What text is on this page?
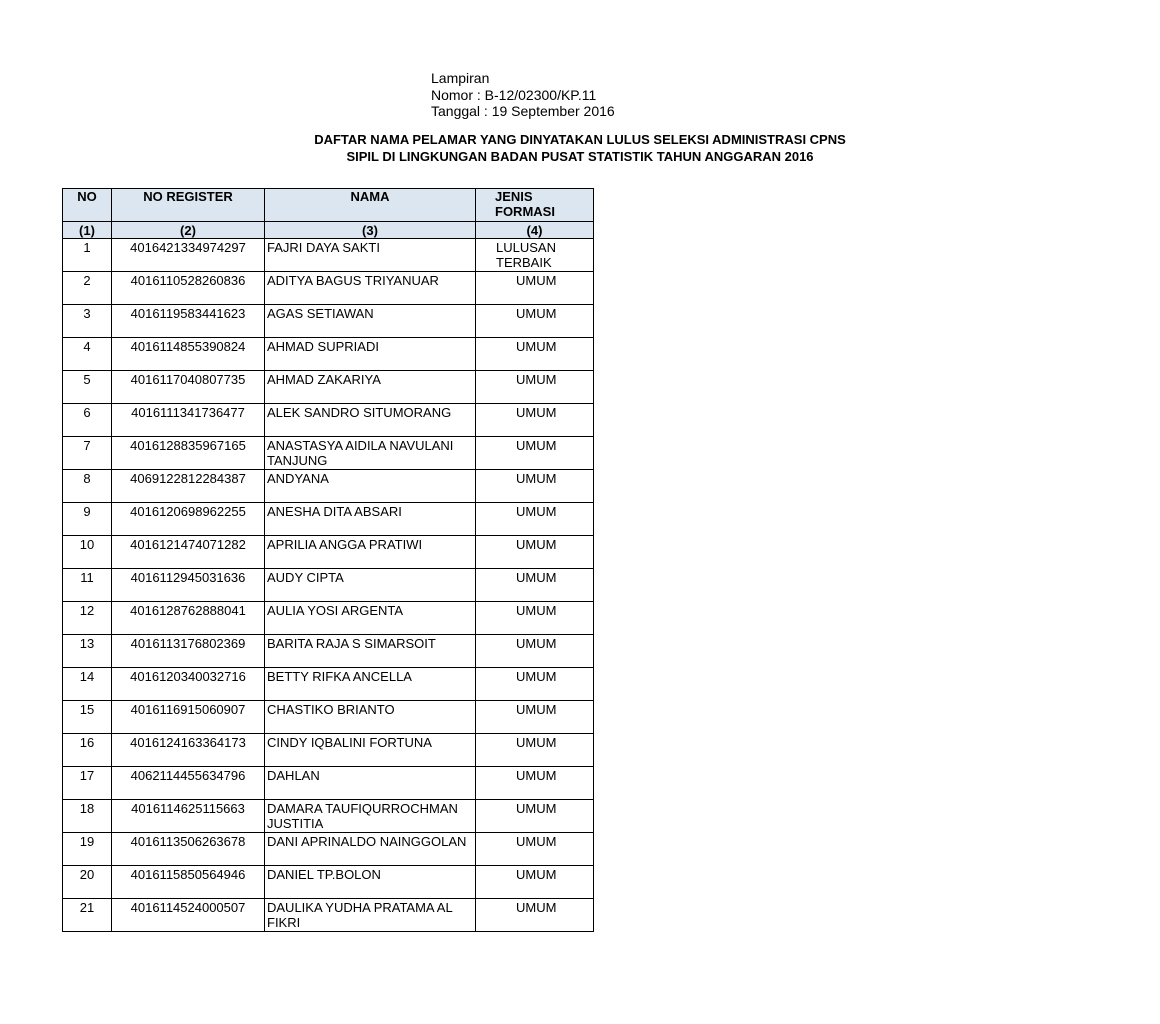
Lampiran
Nomor : B-12/02300/KP.11
Tanggal : 19 September 2016
DAFTAR NAMA PELAMAR YANG DINYATAKAN LULUS SELEKSI ADMINISTRASI CPNS
SIPIL DI LINGKUNGAN BADAN PUSAT STATISTIK TAHUN ANGGARAN 2016
NO	NO REGISTER	NAMA	JENIS FORMASI
(1)	(2)	(3)	(4)
1	4016421334974297	FAJRI DAYA SAKTI	LULUSAN TERBAIK
2	4016110528260836	ADITYA BAGUS TRIYANUAR	UMUM
3	4016119583441623	AGAS SETIAWAN	UMUM
4	4016114855390824	AHMAD SUPRIADI	UMUM
5	4016117040807735	AHMAD ZAKARIYA	UMUM
6	4016111341736477	ALEK SANDRO SITUMORANG	UMUM
7	4016128835967165	ANASTASYA AIDILA NAVULANI TANJUNG	UMUM
8	4069122812284387	ANDYANA	UMUM
9	4016120698962255	ANESHA DITA ABSARI	UMUM
10	4016121474071282	APRILIA ANGGA PRATIWI	UMUM
11	4016112945031636	AUDY CIPTA	UMUM
12	4016128762888041	AULIA YOSI ARGENTA	UMUM
13	4016113176802369	BARITA RAJA S SIMARSOIT	UMUM
14	4016120340032716	BETTY RIFKA ANCELLA	UMUM
15	4016116915060907	CHASTIKO BRIANTO	UMUM
16	4016124163364173	CINDY IQBALINI FORTUNA	UMUM
17	4062114455634796	DAHLAN	UMUM
18	4016114625115663	DAMARA TAUFIQURROCHMAN JUSTITIA	UMUM
19	4016113506263678	DANI APRINALDO NAINGGOLAN	UMUM
20	4016115850564946	DANIEL TP.BOLON	UMUM
21	4016114524000507	DAULIKA YUDHA PRATAMA AL FIKRI	UMUM
